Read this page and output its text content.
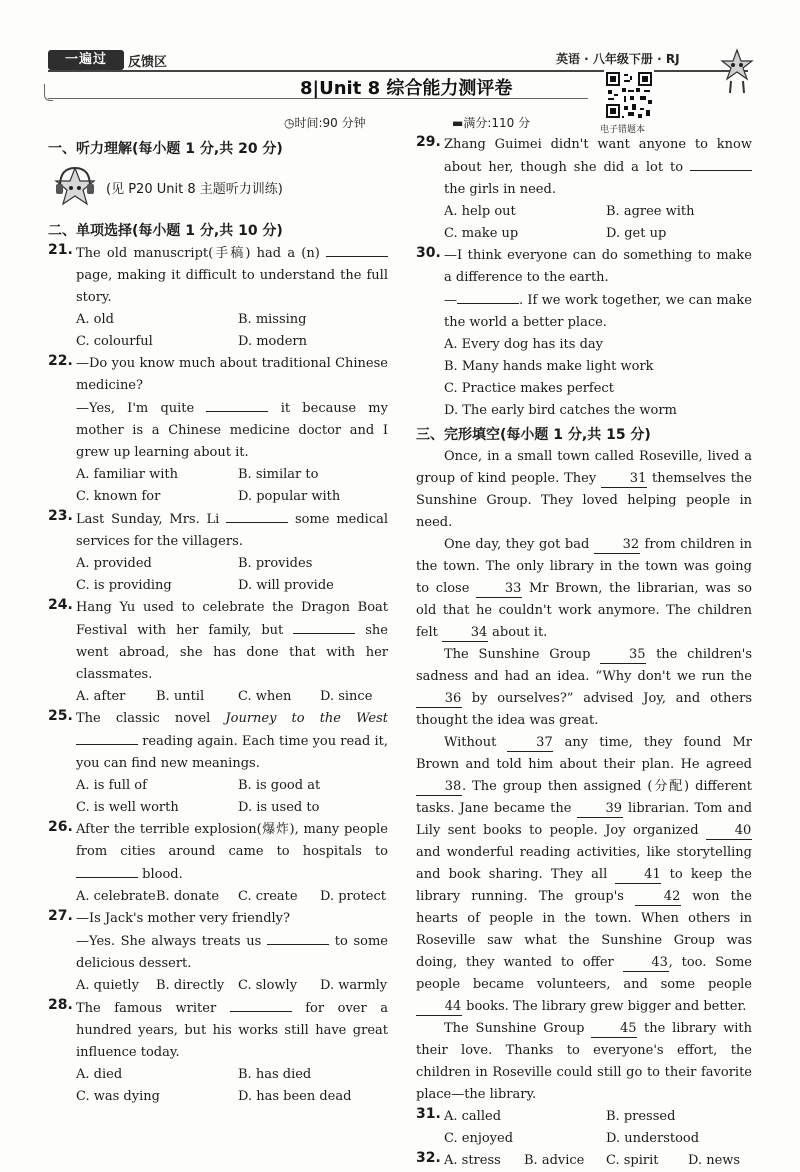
一遍过	反馈区	英语 · 八年级下册 · RJ
8|Unit 8 综合能力测评卷
电子错题本
◷时间:90 分钟	▬满分:110 分
一、听力理解(每小题 1 分,共 20 分)
(见 P20 Unit 8 主题听力训练)
二、单项选择(每小题 1 分,共 10 分)
21. The old manuscript(手稿) had a (n)  page, making it difficult to understand the full story.
A. old	B. missing
C. colourful	D. modern
22. —Do you know much about traditional Chinese medicine?
—Yes, I'm quite	it because my mother is a Chinese medicine doctor and I grew up learning about it.
A. familiar with	B. similar to
C. known for	D. popular with
23. Last Sunday, Mrs. Li	some medical services for the villagers.
A. provided	B. provides
C. is providing	D. will provide
24. Hang Yu used to celebrate the Dragon Boat Festival with her family, but	she went abroad, she has done that with her classmates.
A. after	B. until	C. when	D. since
25. The classic novel Journey to the West  reading again. Each time you read it, you can find new meanings.
A. is full of	B. is good at
C. is well worth	D. is used to
26. After the terrible explosion(爆炸), many people from cities around came to hospitals to  blood.
A. celebrate B. donate	C. create	D. protect
27. —Is Jack's mother very friendly?
—Yes. She always treats us	to some delicious dessert.
A. quietly	B. directly	C. slowly	D. warmly
28. The famous writer	for over a hundred years, but his works still have great influence today.
A. died	B. has died
C. was dying	D. has been dead
29. Zhang Guimei didn't want anyone to know about her, though she did a lot to  the girls in need.
A. help out	B. agree with
C. make up	D. get up
30. —I think everyone can do something to make a difference to the earth.
—	. If we work together, we can make the world a better place.
A. Every dog has its day
B. Many hands make light work
C. Practice makes perfect
D. The early bird catches the worm
三、完形填空(每小题 1 分,共 15 分)
Once, in a small town called Roseville, lived a group of kind people. They	31 themselves the Sunshine Group. They loved helping people in need.
One day, they got bad	32 from children in the town. The only library in the town was going to close	33 Mr Brown, the librarian, was so old that he couldn't work anymore. The children felt	34 about it.
The Sunshine Group	35 the children's sadness and had an idea. “Why don't we run the 36 by ourselves?” advised Joy, and others thought the idea was great.
Without	37 any time, they found Mr Brown and told him about their plan. He agreed 38. The group then assigned (分配) different tasks. Jane became the	39 librarian. Tom and Lily sent books to people. Joy organized	40 and wonderful reading activities, like storytelling and book sharing. They all	41 to keep the library running. The group's	42 won the hearts of people in the town. When others in Roseville saw what the Sunshine Group was doing, they wanted to offer	43, too. Some people became volunteers, and some people 44 books. The library grew bigger and better.
The Sunshine Group	45 the library with their love. Thanks to everyone's effort, the children in Roseville could still go to their favorite place—the library.
31. A. called	B. pressed
C. enjoyed	D. understood
32. A. stress	B. advice	C. spirit	D. news
